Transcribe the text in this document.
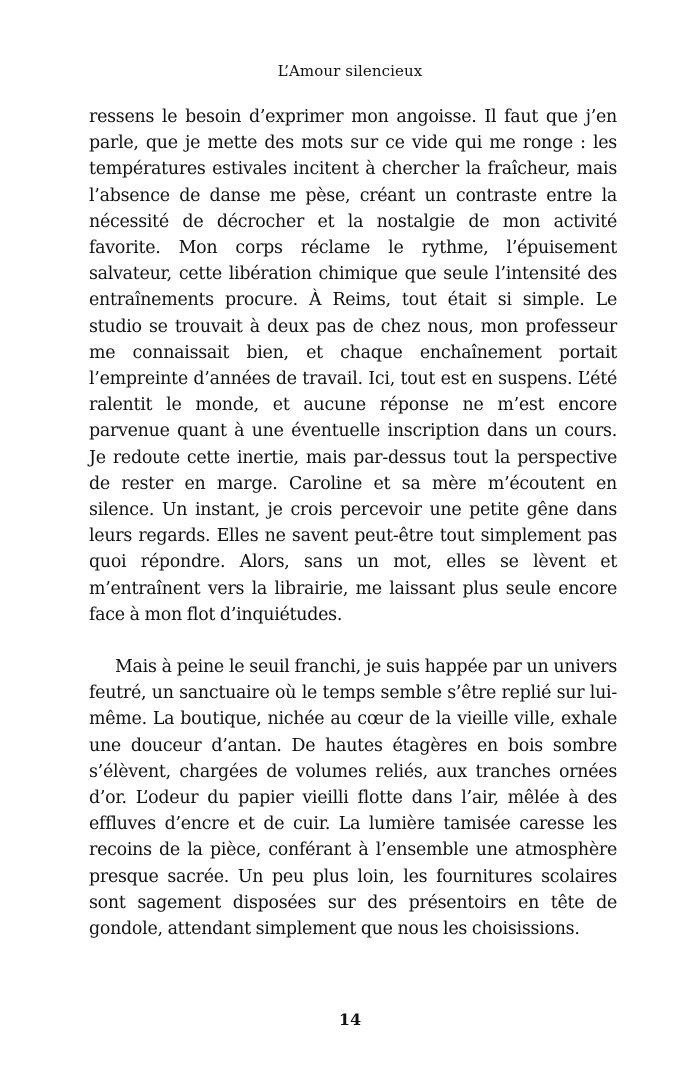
L’Amour silencieux

ressens le besoin d’exprimer mon angoisse. Il faut que j’en parle, que je mette des mots sur ce vide qui me ronge : les températures estivales incitent à chercher la fraîcheur, mais l’absence de danse me pèse, créant un contraste entre la nécessité de décrocher et la nostalgie de mon activité favorite. Mon corps réclame le rythme, l’épuisement salvateur, cette libération chimique que seule l’intensité des entraînements procure. À Reims, tout était si simple. Le studio se trouvait à deux pas de chez nous, mon professeur me connaissait bien, et chaque enchaînement portait l’empreinte d’années de travail. Ici, tout est en suspens. L’été ralentit le monde, et aucune réponse ne m’est encore parvenue quant à une éventuelle inscription dans un cours. Je redoute cette inertie, mais par-dessus tout la perspective de rester en marge. Caroline et sa mère m’écoutent en silence. Un instant, je crois percevoir une petite gêne dans leurs regards. Elles ne savent peut-être tout simplement pas quoi répondre. Alors, sans un mot, elles se lèvent et m’entraînent vers la librairie, me laissant plus seule encore face à mon flot d’inquiétudes.

Mais à peine le seuil franchi, je suis happée par un univers feutré, un sanctuaire où le temps semble s’être replié sur lui-même. La boutique, nichée au cœur de la vieille ville, exhale une douceur d’antan. De hautes étagères en bois sombre s’élèvent, chargées de volumes reliés, aux tranches ornées d’or. L’odeur du papier vieilli flotte dans l’air, mêlée à des effluves d’encre et de cuir. La lumière tamisée caresse les recoins de la pièce, conférant à l’ensemble une atmosphère presque sacrée. Un peu plus loin, les fournitures scolaires sont sagement disposées sur des présentoirs en tête de gondole, attendant simplement que nous les choisissions.

14
